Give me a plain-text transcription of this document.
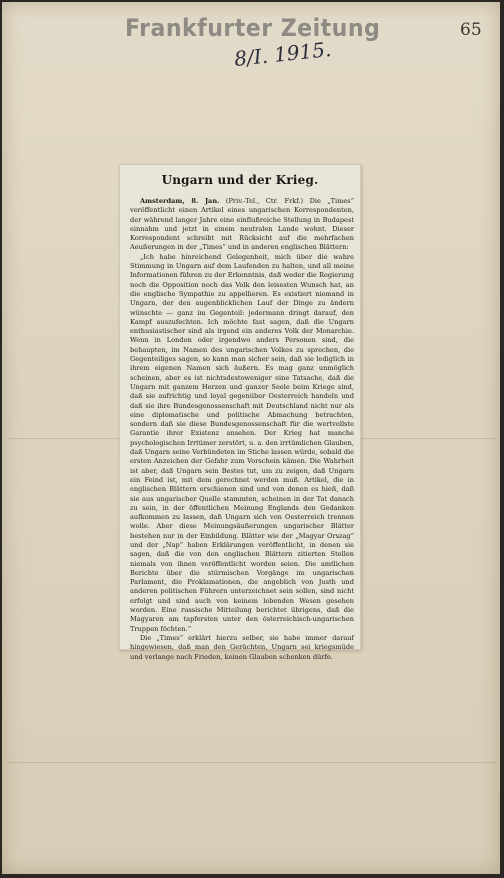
Frankfurter Zeitung	65
8/I. 1915.
Ungarn und der Krieg.

Amsterdam, 8. Jan. (Priv.-Tel., Ctr. Frkf.) Die „Times“ veröffentlicht einen Artikel eines ungarischen Korrespondenten, der während langer Jahre eine einflußreiche Stellung in Budapest einnahm und jetzt in einem neutralen Lande wohnt. Dieser Korrespondent schreibt mit Rücksicht auf die mehrfachen Aeußerungen in der „Times“ und in anderen englischen Blättern:

„Ich habe hinreichend Gelegenheit, mich über die wahre Stimmung in Ungarn auf dem Laufenden zu halten, und all meine Informationen führen zu der Erkenntnis, daß weder die Regierung noch die Opposition noch das Volk den leisesten Wunsch hat, an die englische Sympathie zu appellieren. Es existiert niemand in Ungarn, der den augenblicklichen Lauf der Dinge zu ändern wünschte — ganz im Gegenteil: jedermann dringt darauf, den Kampf auszufechten. Ich möchte fast sagen, daß die Ungarn enthusiastischer sind als irgend ein anderes Volk der Monarchie. Wenn in London oder irgendwo anders Personen sind, die behaupten, im Namen des ungarischen Volkes zu sprechen, die Gegenteiliges sagen, so kann man sicher sein, daß sie lediglich in ihrem eigenen Namen sich äußern. Es mag ganz unmöglich scheinen, aber es ist nichtsdestoweniger eine Tatsache, daß die Ungarn mit ganzem Herzen und ganzer Seele beim Kriege sind, daß sie aufrichtig und loyal gegenüber Oesterreich handeln und daß sie ihre Bundesgenossenschaft mit Deutschland nicht nur als eine diplomatische und politische Abmachung betrachten, sondern daß sie diese Bundesgenossenschaft für die wertvollste Garantie ihrer Existenz ansehen. Der Krieg hat manche psychologischen Irrtümer zerstört, u. a. den irrtümlichen Glauben, daß Ungarn seine Verbündeten im Stiche lassen würde, sobald die ersten Anzeichen der Gefahr zum Vorschein kämen. Die Wahrheit ist aber, daß Ungarn sein Bestes tut, um zu zeigen, daß Ungarn ein Feind ist, mit dem gerechnet werden muß. Artikel, die in englischen Blättern erschienen sind und von denen es hieß, daß sie aus ungarischer Quelle stammten, scheinen in der Tat danach zu sein, in der öffentlichen Meinung Englands den Gedanken aufkommen zu lassen, daß Ungarn sich von Oesterreich trennen wolle. Aber diese Meinungsäußerungen ungarischer Blätter bestehen nur in der Einbildung. Blätter wie der „Magyar Orszag“ und der „Nap“ haben Erklärungen veröffentlicht, in denen sie sagen, daß die von den englischen Blättern zitierten Stellen niemals von ihnen veröffentlicht worden seien. Die amtlichen Berichte über die stürmischen Vorgänge im ungarischen Parlament, die Proklamationen, die angeblich von Justh und anderen politischen Führern unterzeichnet sein sollen, sind nicht erfolgt und sind auch von keinem lebenden Wesen gesehen worden. Eine russische Mitteilung berichtet übrigens, daß die Magyaren am tapfersten unter den österreichisch-ungarischen Truppen föchten.“

Die „Times“ erklärt hierzu selber, sie habe immer darauf hingewiesen, daß man den Gerüchten, Ungarn sei kriegsmüde und verlange nach Frieden, keinen Glauben schenken dürfe.
